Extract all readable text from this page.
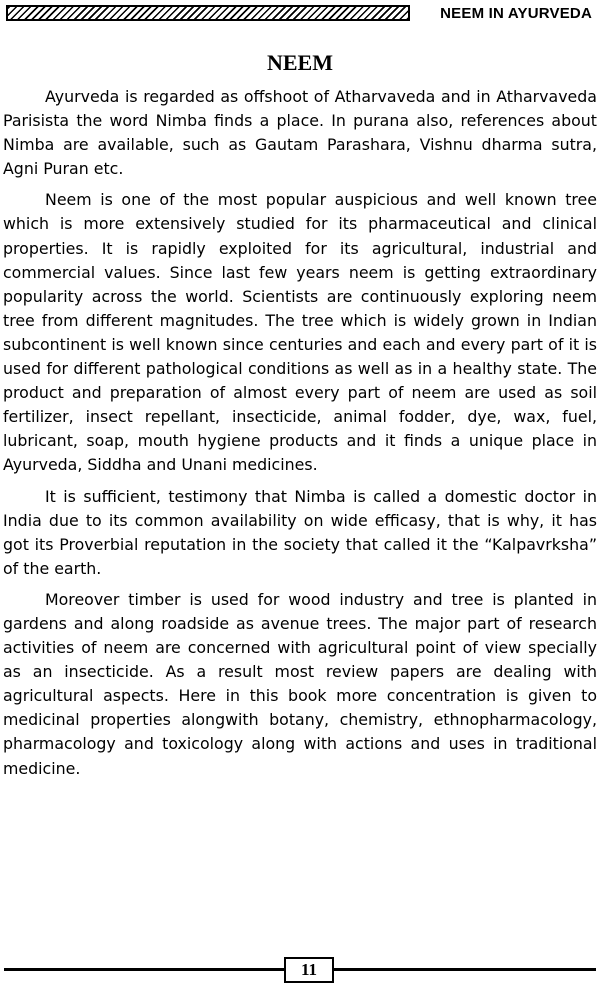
NEEM IN AYURVEDA
NEEM

Ayurveda is regarded as offshoot of Atharvaveda and in Atharvaveda Parisista the word Nimba finds a place. In purana also, references about Nimba are available, such as Gautam Parashara, Vishnu dharma sutra, Agni Puran etc.

Neem is one of the most popular auspicious and well known tree which is more extensively studied for its pharmaceutical and clinical properties. It is rapidly exploited for its agricultural, industrial and commercial values. Since last few years neem is getting extraordinary popularity across the world. Scientists are continuously exploring neem tree from different magnitudes. The tree which is widely grown in Indian subcontinent is well known since centuries and each and every part of it is used for different pathological conditions as well as in a healthy state. The product and preparation of almost every part of neem are used as soil fertilizer, insect repellant, insecticide, animal fodder, dye, wax, fuel, lubricant, soap, mouth hygiene products and it finds a unique place in Ayurveda, Siddha and Unani medicines.

It is sufficient, testimony that Nimba is called a domestic doctor in India due to its common availability on wide efficasy, that is why, it has got its Proverbial reputation in the society that called it the “Kalpavrksha” of the earth.

Moreover timber is used for wood industry and tree is planted in gardens and along roadside as avenue trees. The major part of research activities of neem are concerned with agricultural point of view specially as an insecticide. As a result most review papers are dealing with agricultural aspects. Here in this book more concentration is given to medicinal properties alongwith botany, chemistry, ethnopharmacology, pharmacology and toxicology along with actions and uses in traditional medicine.

11
